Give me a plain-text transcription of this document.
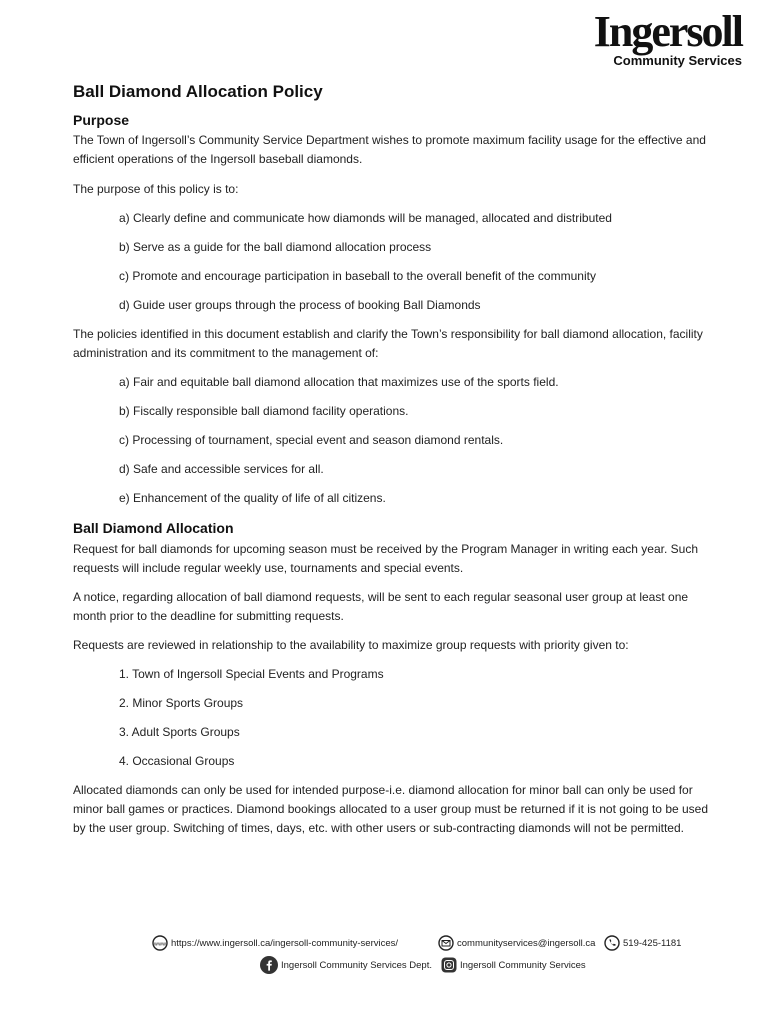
Ingersoll
Community Services
Ball Diamond Allocation Policy
Purpose

The Town of Ingersoll’s Community Service Department wishes to promote maximum facility usage for the effective and efficient operations of the Ingersoll baseball diamonds.

The purpose of this policy is to:

a) Clearly define and communicate how diamonds will be managed, allocated and distributed
b) Serve as a guide for the ball diamond allocation process
c) Promote and encourage participation in baseball to the overall benefit of the community
d) Guide user groups through the process of booking Ball Diamonds

The policies identified in this document establish and clarify the Town’s responsibility for ball diamond allocation, facility administration and its commitment to the management of:

a) Fair and equitable ball diamond allocation that maximizes use of the sports field.
b) Fiscally responsible ball diamond facility operations.
c) Processing of tournament, special event and season diamond rentals.
d) Safe and accessible services for all.
e) Enhancement of the quality of life of all citizens.
Ball Diamond Allocation

Request for ball diamonds for upcoming season must be received by the Program Manager in writing each year. Such requests will include regular weekly use, tournaments and special events.

A notice, regarding allocation of ball diamond requests, will be sent to each regular seasonal user group at least one month prior to the deadline for submitting requests.

Requests are reviewed in relationship to the availability to maximize group requests with priority given to:

1. Town of Ingersoll Special Events and Programs
2. Minor Sports Groups
3. Adult Sports Groups
4. Occasional Groups

Allocated diamonds can only be used for intended purpose-i.e. diamond allocation for minor ball can only be used for minor ball games or practices. Diamond bookings allocated to a user group must be returned if it is not going to be used by the user group. Switching of times, days, etc. with other users or sub-contracting diamonds will not be permitted.

www https://www.ingersoll.ca/ingersoll-community-services/	communityservices@ingersoll.ca	519-425-1181
Ingersoll Community Services Dept.	Ingersoll Community Services
